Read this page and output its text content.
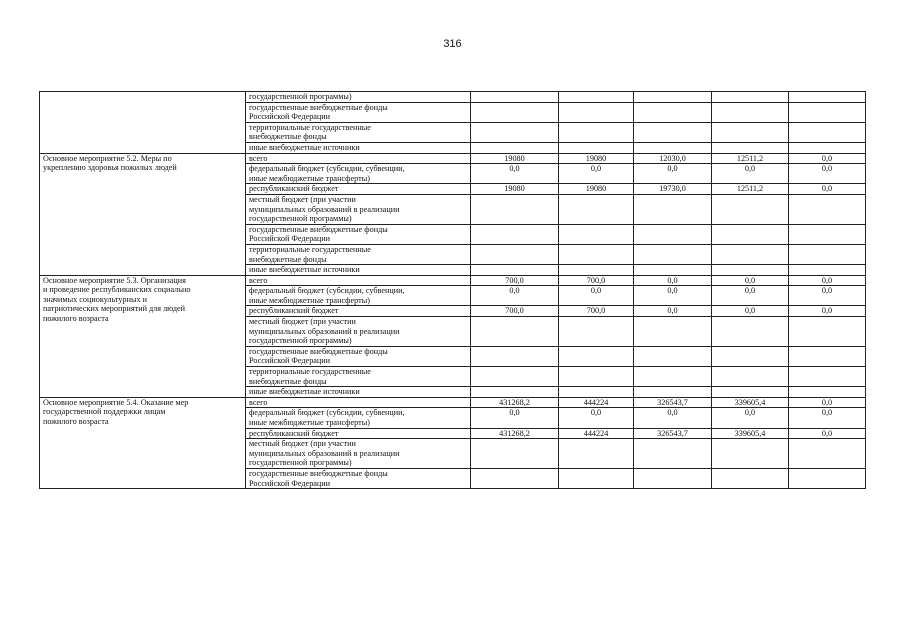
316
	государственной программы)					
	государственные внебюджетные фонды
Российской Федерации					
	территориальные государственные
внебюджетные фонды					
	иные внебюджетные источники					
Основное мероприятие 5.2. Меры по
укреплению здоровья пожилых людей	всего	19080	19080	12030,0	12511,2	0,0
	федеральный бюджет (субсидии, субвенции,
иные межбюджетные трансферты)	0,0	0,0	0,0	0,0	0,0
	республиканский бюджет	19080	19080	19730,0	12511,2	0,0
	местный бюджет (при участии
муниципальных образований в реализации
государственной программы)					
	государственные внебюджетные фонды
Российской Федерации					
	территориальные государственные
внебюджетные фонды					
	иные внебюджетные источники					
Основное мероприятие 5.3. Организация
и проведение республиканских социально
значимых социокультурных и
патриотических мероприятий для людей
пожилого возраста	всего	700,0	700,0	0,0	0,0	0,0
	федеральный бюджет (субсидии, субвенции,
иные межбюджетные трансферты)	0,0	0,0	0,0	0,0	0,0
	республиканский бюджет	700,0	700,0	0,0	0,0	0,0
	местный бюджет (при участии
муниципальных образований в реализации
государственной программы)					
	государственные внебюджетные фонды
Российской Федерации					
	территориальные государственные
внебюджетные фонды					
	иные внебюджетные источники					
Основное мероприятие 5.4. Оказание мер
государственной поддержки лицам
пожилого возраста	всего	431268,2	444224	326543,7	339605,4	0,0
	федеральный бюджет (субсидии, субвенции,
иные межбюджетные трансферты)	0,0	0,0	0,0	0,0	0,0
	республиканский бюджет	431268,2	444224	326543,7	339605,4	0,0
	местный бюджет (при участии
муниципальных образований в реализации
государственной программы)					
	государственные внебюджетные фонды
Российской Федерации					
